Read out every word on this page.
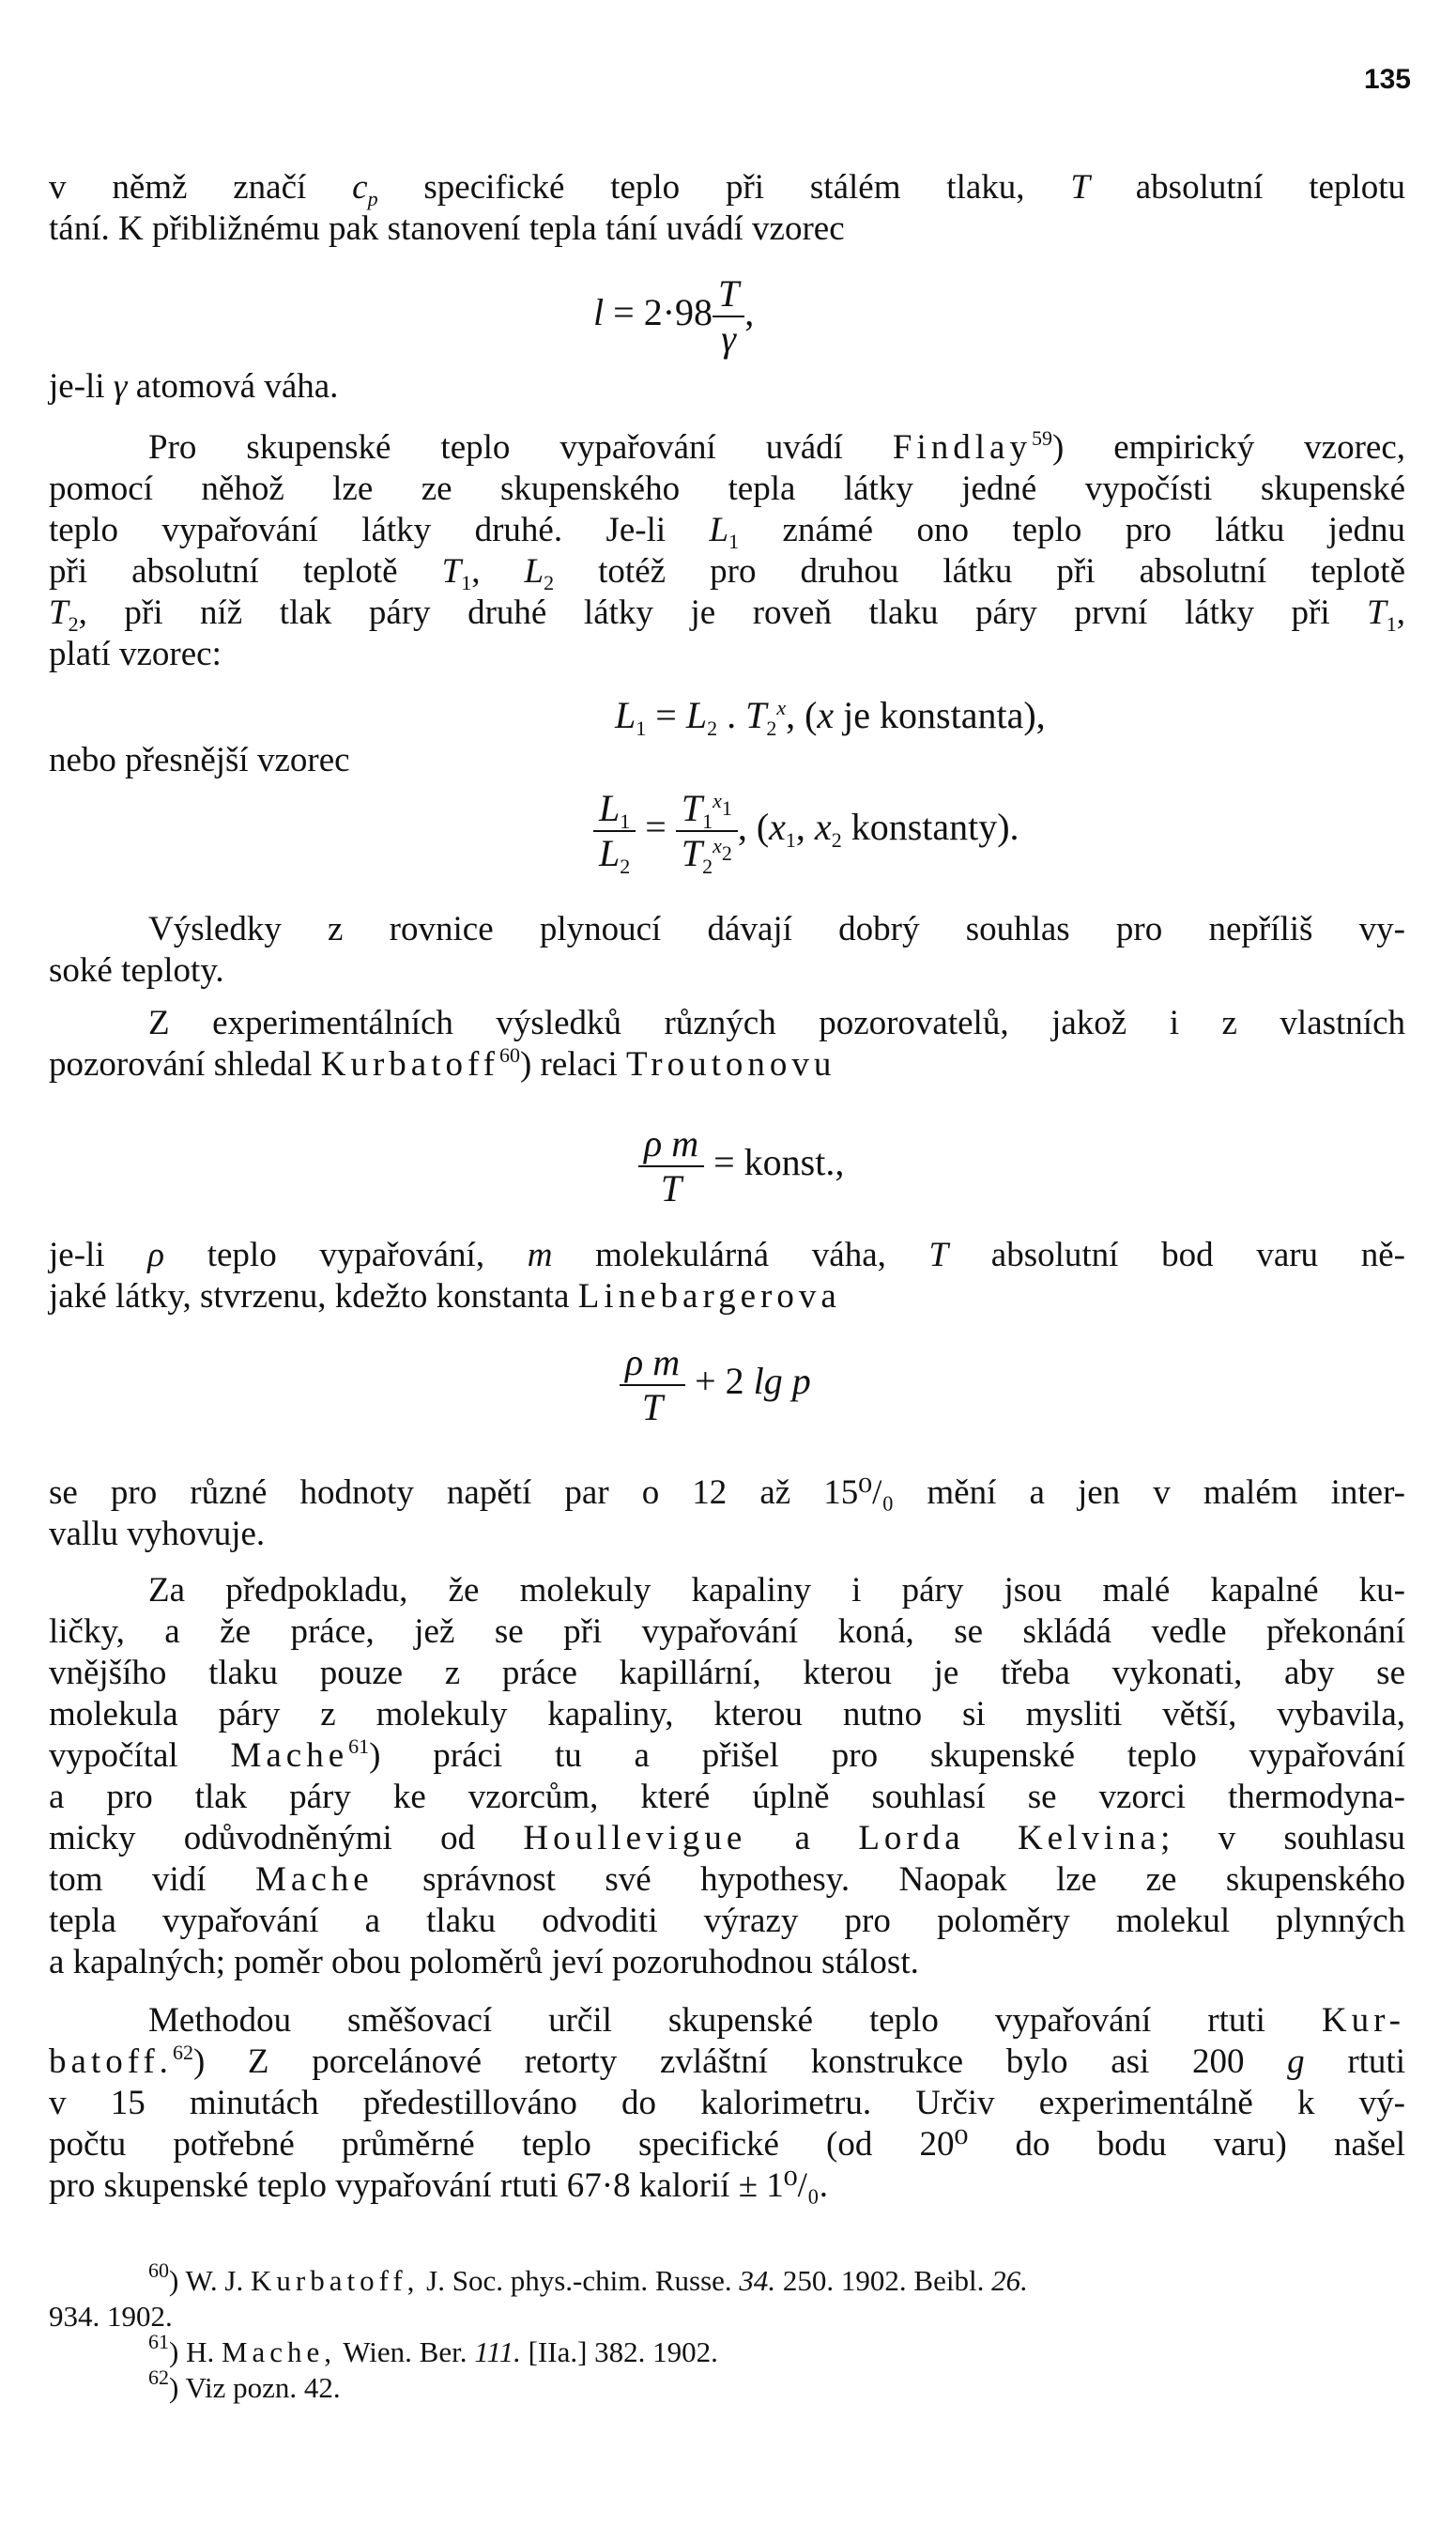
135
v němž značí $c_p$ specifické teplo při stálém tlaku, T absolutní teplotu
tání. K přibližnému pak stanovení tepla tání uvádí vzorec
$l = 2\cdot 98 \frac{T}{\gamma}$ ,
je-li γ atomová váha.
Pro skupenské teplo vypařování uvádí Findlay$^{59}$) empirický vzorec,
pomocí něhož lze ze skupenského tepla látky jedné vypočísti skupenské
teplo vypařování látky druhé. Je-li $L_1$ známé ono teplo pro látku jednu
při absolutní teplotě $T_1$, $L_2$ totéž pro druhou látku při absolutní teplotě
$T_2$, při níž tlak páry druhé látky je roveň tlaku páry první látky při $T_1$,
platí vzorec:
$L_1 = L_2$ . $T_2^x$, (x je konstanta),
nebo přesnější vzorec
$\frac{L_1}{L_2} = \frac{T_1^{x_1}}{T_2^{x_2}}$ , ($x_1$, $x_2$ konstanty).
Výsledky z rovnice plynoucí dávají dobrý souhlas pro nepříliš vy-
soké teploty.
Z experimentálních výsledků různých pozorovatelů, jakož i z vlastních
pozorování shledal Kurbatoff$^{60}$) relaci Troutonovu
$\frac{\text{ρ m}}{T}$ = konst.,
je-li ρ teplo vypařování, m molekulárná váha, T absolutní bod varu ně-
jaké látky, stvrzenu, kdežto konstanta Linebargerova
$\frac{\text{ρ m}}{T} + 2$ lg p
se pro různé hodnoty napětí par o 12 až 15⁰/₀ mění a jen v malém inter-
vallu vyhovuje.
Za předpokladu, že molekuly kapaliny i páry jsou malé kapalné ku-
ličky, a že práce, jež se při vypařování koná, se skládá vedle překonání
vnějšího tlaku pouze z práce kapillární, kterou je třeba vykonati, aby se
molekula páry z molekuly kapaliny, kterou nutno si mysliti větší, vybavila,
vypočítal Mache$^{61}$) práci tu a přišel pro skupenské teplo vypařování
a pro tlak páry ke vzorcům, které úplně souhlasí se vzorci thermodyna-
micky odůvodněnými od Houllevigue a Lorda Kelvina; v souhlasu
tom vidí Mache správnost své hypothesy. Naopak lze ze skupenského
tepla vypařování a tlaku odvoditi výrazy pro poloměry molekul plynných
a kapalných; poměr obou poloměrů jeví pozoruhodnou stálost.
Methodou směšovací určil skupenské teplo vypařování rtuti Kur-
batoff.$^{62}$) Z porcelánové retorty zvláštní konstrukce bylo asi 200 g rtuti
v 15 minutách předestillováno do kalorimetru. Určiv experimentálně k vý-
počtu potřebné průměrné teplo specifické (od 20⁰ do bodu varu) našel
pro skupenské teplo vypařování rtuti 67·8 kalorií ± 1⁰/₀.
$^{60}$) W. J. Kurbatoff, J. Soc. phys.-chim. Russe. 34. 250. 1902. Beibl. 26.
934. 1902.
$^{61}$) H. Mache, Wien. Ber. 111. [IIa.] 382. 1902.
$^{62}$) Viz pozn. 42.
